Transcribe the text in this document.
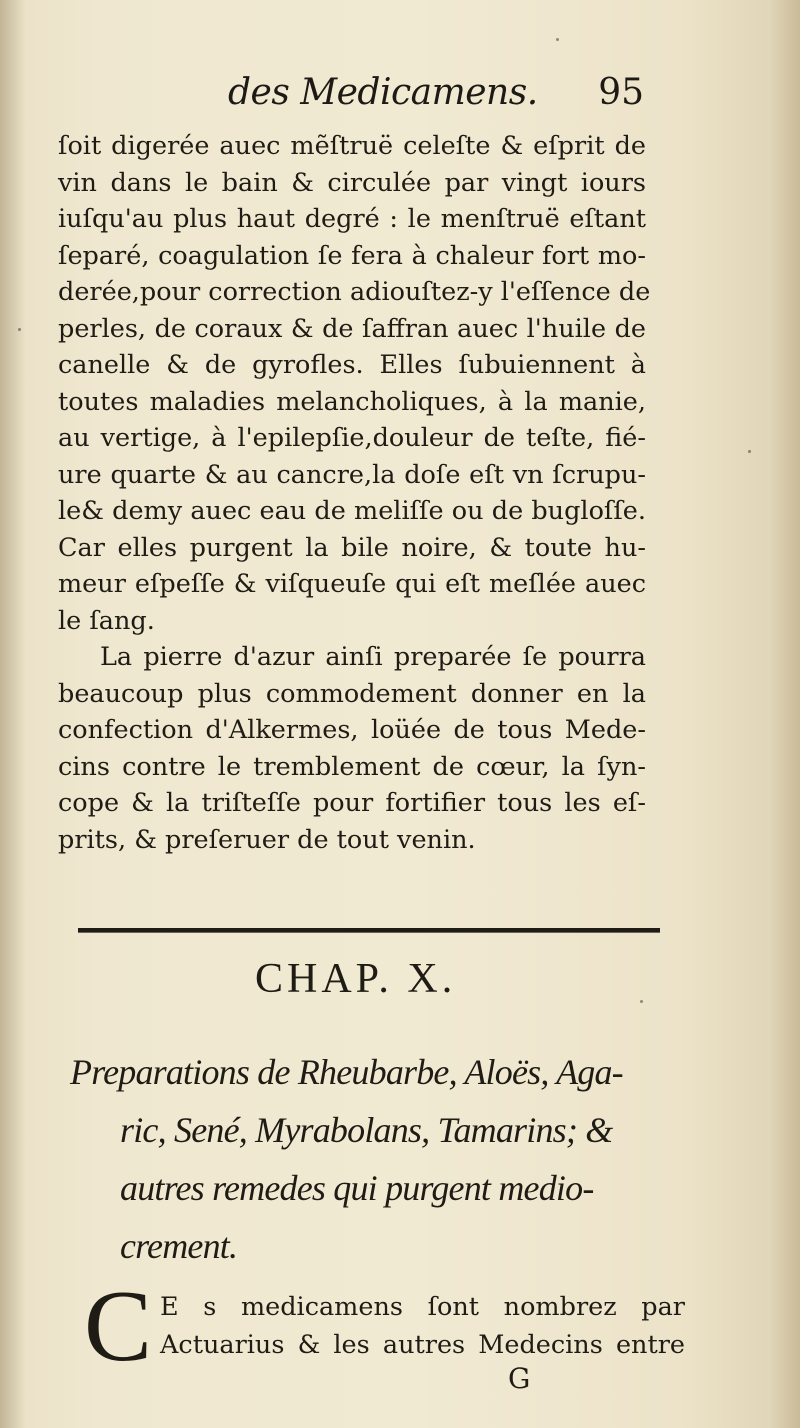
des Medicamens. 95
ſoit digerée auec mẽſtruë celeſte & eſprit de
vin dans le bain & circulée par vingt iours
iuſqu'au plus haut degré : le menſtruë eſtant
ſeparé, coagulation ſe fera à chaleur fort mo-
derée,pour correction adiouſtez-y l'eſſence de
perles, de coraux & de ſaffran auec l'huile de
canelle & de gyrofles. Elles ſubuiennent à
toutes maladies melancholiques, à la manie,
au vertige, à l'epilepſie,douleur de teſte, fié-
ure quarte & au cancre,la doſe eſt vn ſcrupu-
le& demy auec eau de meliſſe ou de bugloſſe.
Car elles purgent la bile noire, & toute hu-
meur eſpeſſe & viſqueuſe qui eſt meſlée auec
le ſang.
La pierre d'azur ainſi preparée ſe pourra
beaucoup plus commodement donner en la
confection d'Alkermes, loüée de tous Mede-
cins contre le tremblement de cœur, la ſyn-
cope & la triſteſſe pour fortifier tous les eſ-
prits, & preſeruer de tout venin.
CHAP. X.
Preparations de Rheubarbe, Aloës, Aga-
ric, Sené, Myrabolans, Tamarins; &
autres remedes qui purgent medio-
crement.
C E s medicamens ſont nombrez par
Actuarius & les autres Medecins entre
G
